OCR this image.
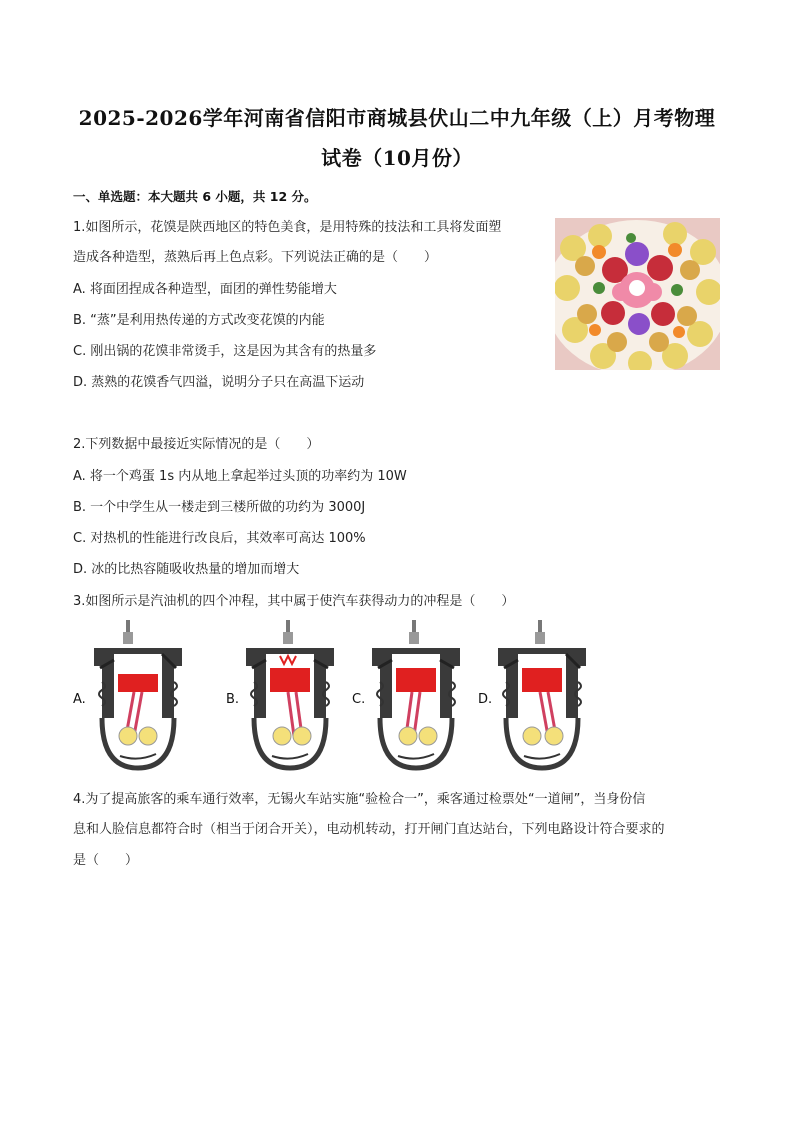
2025-2026学年河南省信阳市商城县伏山二中九年级（上）月考物理
试卷（10月份）
一、单选题：本大题共 6 小题，共 12 分。
1.如图所示，花馍是陕西地区的特色美食，是用特殊的技法和工具将发面塑
造成各种造型，蒸熟后再上色点彩。下列说法正确的是（　　）
A. 将面团捏成各种造型，面团的弹性势能增大
B. “蒸”是利用热传递的方式改变花馍的内能
C. 刚出锅的花馍非常烫手，这是因为其含有的热量多
D. 蒸熟的花馍香气四溢，说明分子只在高温下运动
2.下列数据中最接近实际情况的是（　　）
A. 将一个鸡蛋 1s 内从地上拿起举过头顶的功率约为 10W
B. 一个中学生从一楼走到三楼所做的功约为 3000J
C. 对热机的性能进行改良后，其效率可高达 100%
D. 冰的比热容随吸收热量的增加而增大
3.如图所示是汽油机的四个冲程，其中属于使汽车获得动力的冲程是（　　）
A.	B.	C.	D.
4.为了提高旅客的乘车通行效率，无锡火车站实施“验检合一”，乘客通过检票处“一道闸”，当身份信
息和人脸信息都符合时（相当于闭合开关），电动机转动，打开闸门直达站台，下列电路设计符合要求的
是（　　）
